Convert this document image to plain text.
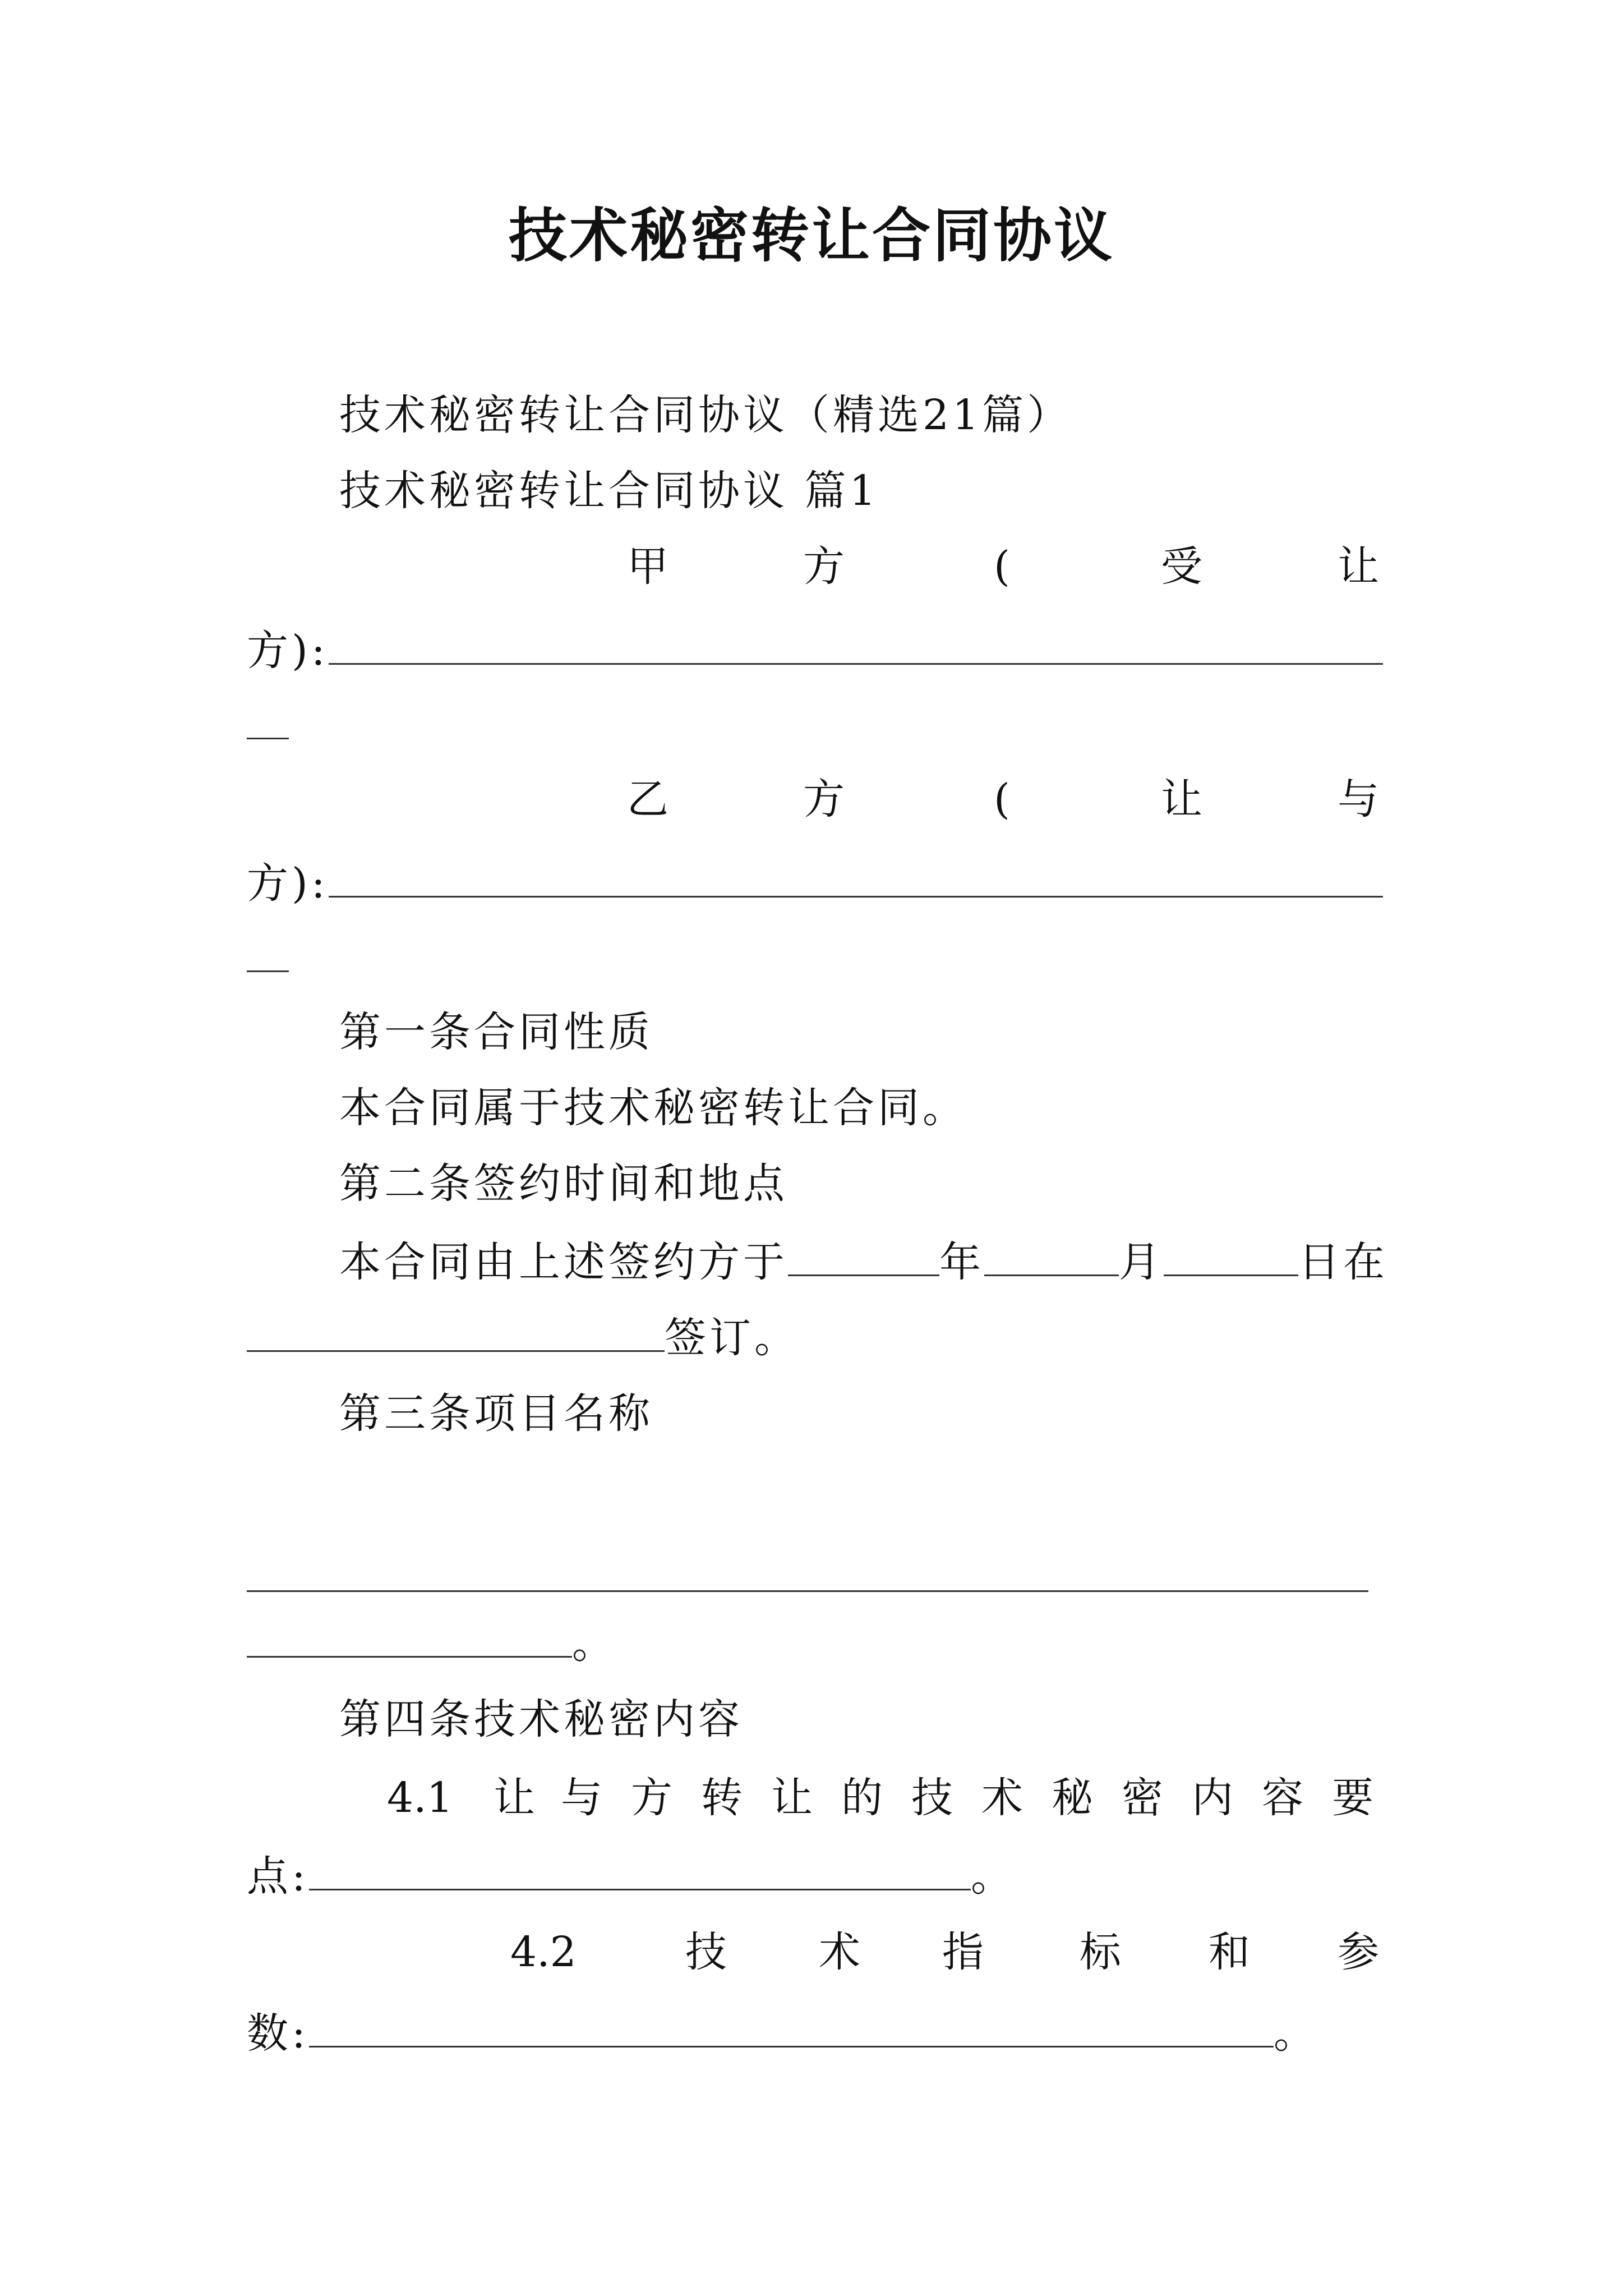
技术秘密转让合同协议
技术秘密转让合同协议（精选21篇）
技术秘密转让合同协议 篇1
甲	方	(	受	让
方):
乙	方	(	让	与
方):
第一条合同性质
本合同属于技术秘密转让合同。
第二条签约时间和地点
本合同由上述签约方于	年	月	日在
签订。
第三条项目名称
。
第四条技术秘密内容
4.1 让 与 方 转 让 的 技 术 秘 密 内 容 要
点:	。
4.2	技 术 指 标 和 参
数:	。
